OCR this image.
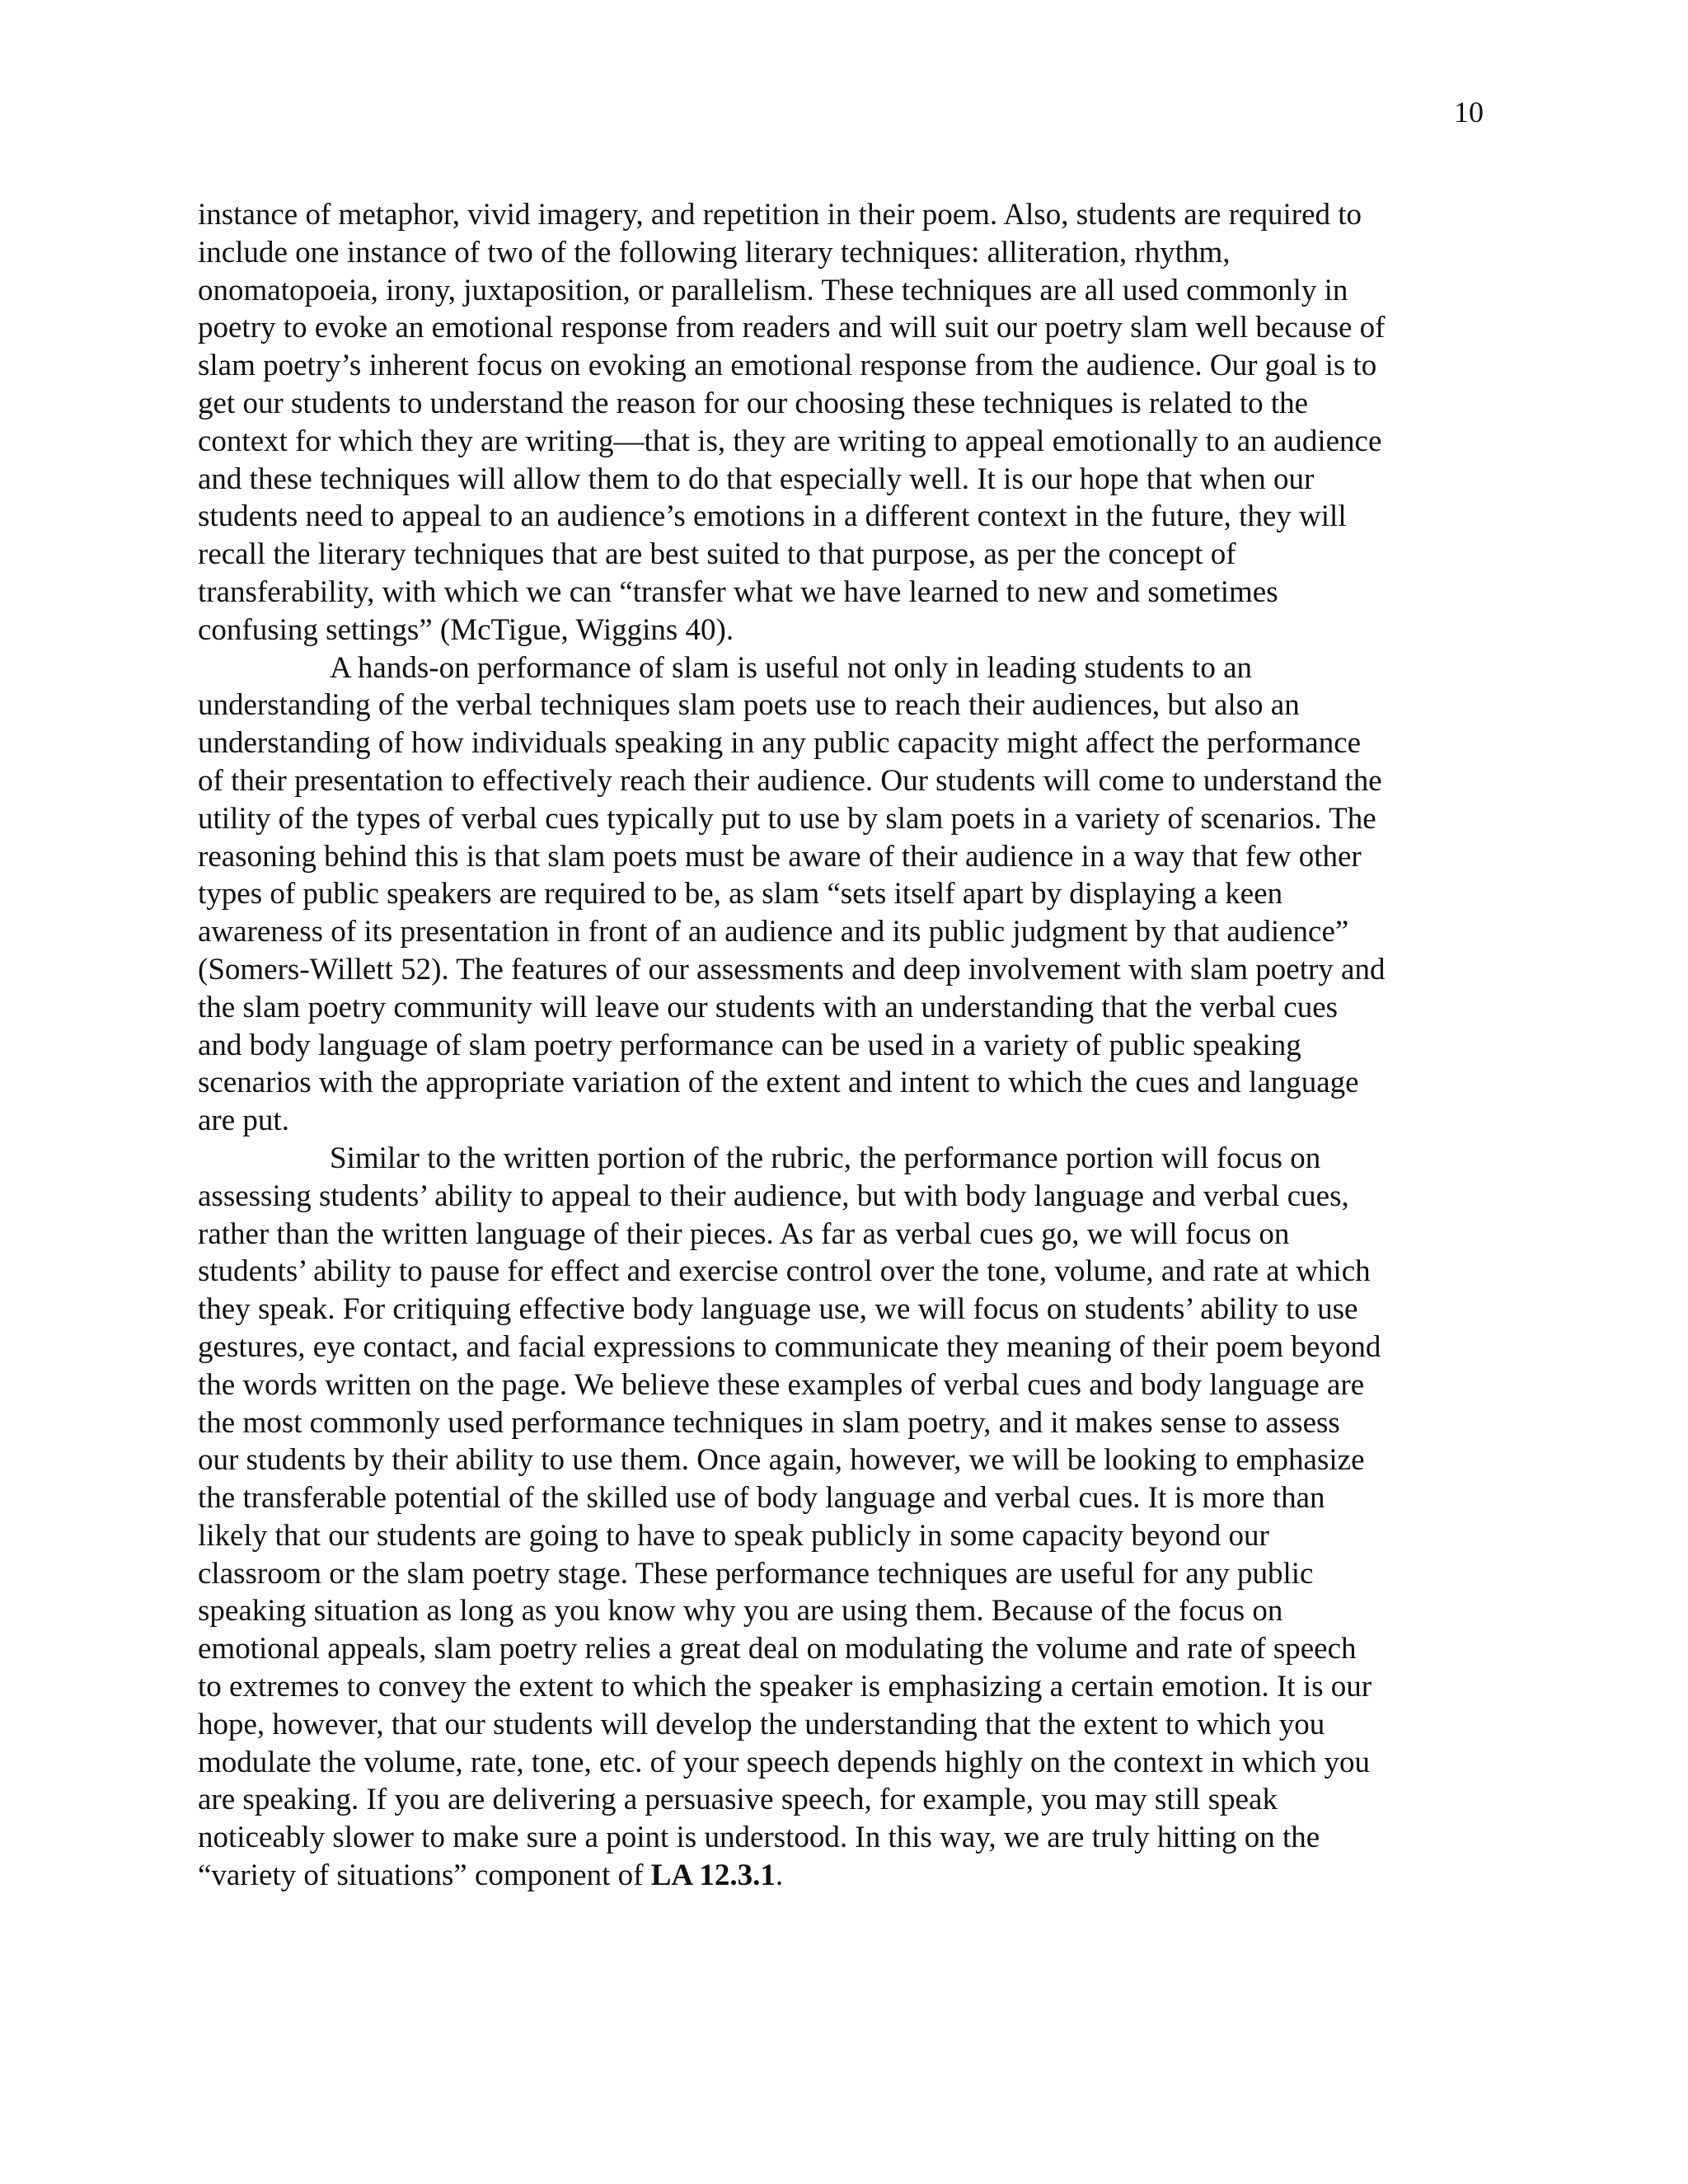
10

instance of metaphor, vivid imagery, and repetition in their poem. Also, students are required to
include one instance of two of the following literary techniques: alliteration, rhythm,
onomatopoeia, irony, juxtaposition, or parallelism. These techniques are all used commonly in
poetry to evoke an emotional response from readers and will suit our poetry slam well because of
slam poetry’s inherent focus on evoking an emotional response from the audience. Our goal is to
get our students to understand the reason for our choosing these techniques is related to the
context for which they are writing—that is, they are writing to appeal emotionally to an audience
and these techniques will allow them to do that especially well. It is our hope that when our
students need to appeal to an audience’s emotions in a different context in the future, they will
recall the literary techniques that are best suited to that purpose, as per the concept of
transferability, with which we can “transfer what we have learned to new and sometimes
confusing settings” (McTigue, Wiggins 40).

A hands-on performance of slam is useful not only in leading students to an
understanding of the verbal techniques slam poets use to reach their audiences, but also an
understanding of how individuals speaking in any public capacity might affect the performance
of their presentation to effectively reach their audience. Our students will come to understand the
utility of the types of verbal cues typically put to use by slam poets in a variety of scenarios. The
reasoning behind this is that slam poets must be aware of their audience in a way that few other
types of public speakers are required to be, as slam “sets itself apart by displaying a keen
awareness of its presentation in front of an audience and its public judgment by that audience”
(Somers-Willett 52). The features of our assessments and deep involvement with slam poetry and
the slam poetry community will leave our students with an understanding that the verbal cues
and body language of slam poetry performance can be used in a variety of public speaking
scenarios with the appropriate variation of the extent and intent to which the cues and language
are put.

Similar to the written portion of the rubric, the performance portion will focus on
assessing students’ ability to appeal to their audience, but with body language and verbal cues,
rather than the written language of their pieces. As far as verbal cues go, we will focus on
students’ ability to pause for effect and exercise control over the tone, volume, and rate at which
they speak. For critiquing effective body language use, we will focus on students’ ability to use
gestures, eye contact, and facial expressions to communicate they meaning of their poem beyond
the words written on the page. We believe these examples of verbal cues and body language are
the most commonly used performance techniques in slam poetry, and it makes sense to assess
our students by their ability to use them. Once again, however, we will be looking to emphasize
the transferable potential of the skilled use of body language and verbal cues. It is more than
likely that our students are going to have to speak publicly in some capacity beyond our
classroom or the slam poetry stage. These performance techniques are useful for any public
speaking situation as long as you know why you are using them. Because of the focus on
emotional appeals, slam poetry relies a great deal on modulating the volume and rate of speech
to extremes to convey the extent to which the speaker is emphasizing a certain emotion. It is our
hope, however, that our students will develop the understanding that the extent to which you
modulate the volume, rate, tone, etc. of your speech depends highly on the context in which you
are speaking. If you are delivering a persuasive speech, for example, you may still speak
noticeably slower to make sure a point is understood. In this way, we are truly hitting on the
“variety of situations” component of LA 12.3.1.
